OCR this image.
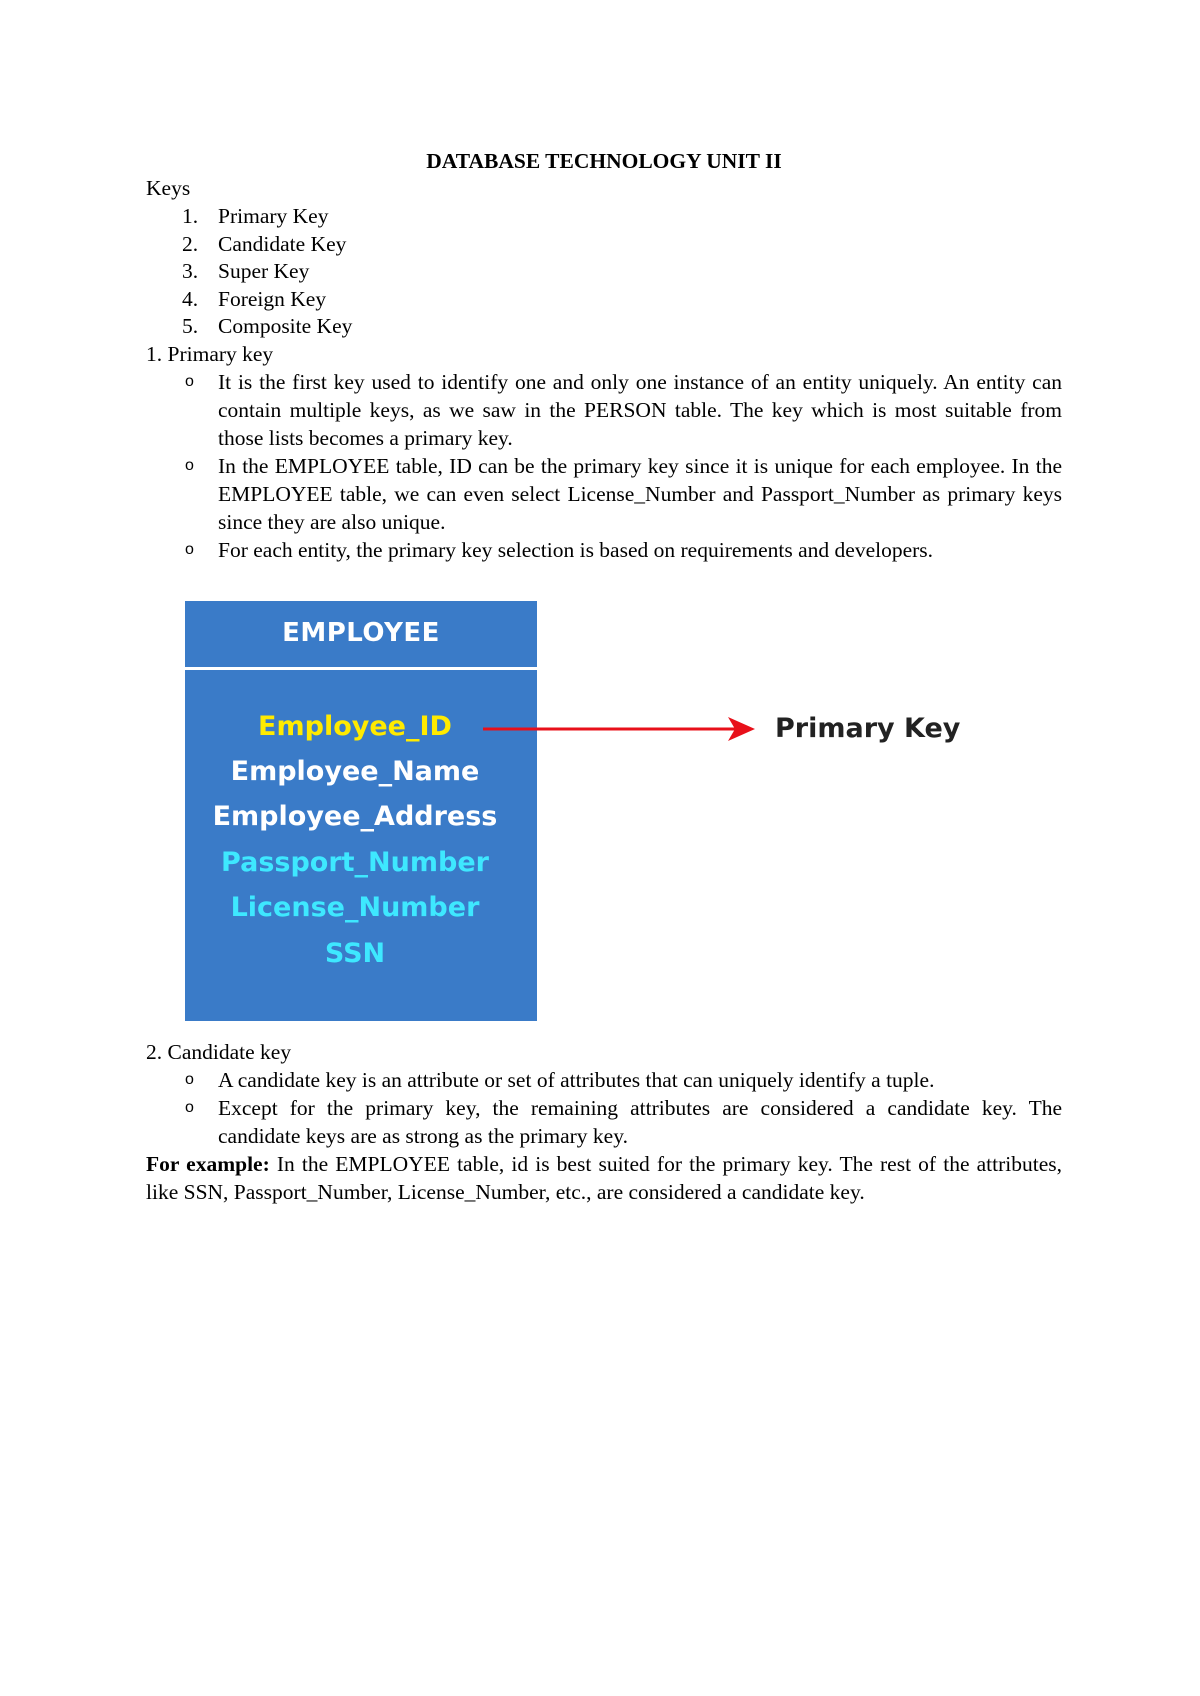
DATABASE TECHNOLOGY UNIT II

Keys

1. Primary Key
2. Candidate Key
3. Super Key
4. Foreign Key
5. Composite Key

1. Primary key

o It is the first key used to identify one and only one instance of an entity uniquely. An entity can contain multiple keys, as we saw in the PERSON table. The key which is most suitable from those lists becomes a primary key.
o In the EMPLOYEE table, ID can be the primary key since it is unique for each employee. In the EMPLOYEE table, we can even select License_Number and Passport_Number as primary keys since they are also unique.
o For each entity, the primary key selection is based on requirements and developers.
EMPLOYEE
Employee_ID
Employee_Name
Employee_Address
Passport_Number
License_Number
SSN
Primary Key

2. Candidate key

o A candidate key is an attribute or set of attributes that can uniquely identify a tuple.
o Except for the primary key, the remaining attributes are considered a candidate key. The candidate keys are as strong as the primary key.

For example: In the EMPLOYEE table, id is best suited for the primary key. The rest of the attributes, like SSN, Passport_Number, License_Number, etc., are considered a candidate key.
